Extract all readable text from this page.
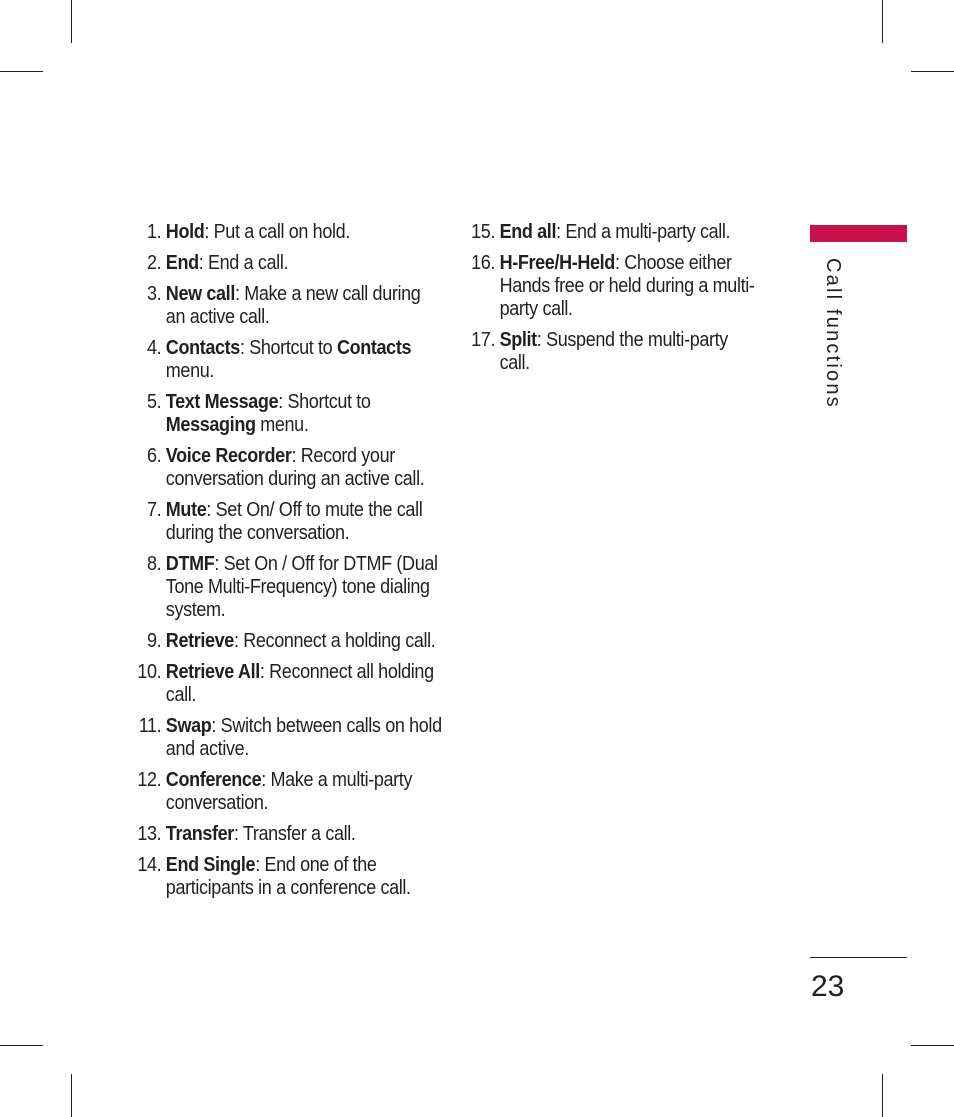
1. Hold: Put a call on hold.
2. End: End a call.
3. New call: Make a new call during an active call.
4. Contacts: Shortcut to Contacts menu.
5. Text Message: Shortcut to Messaging menu.
6. Voice Recorder: Record your conversation during an active call.
7. Mute: Set On/ Off to mute the call during the conversation.
8. DTMF: Set On / Off for DTMF (Dual Tone Multi-Frequency) tone dialing system.
9. Retrieve: Reconnect a holding call.
10. Retrieve All: Reconnect all holding call.
11. Swap: Switch between calls on hold and active.
12. Conference: Make a multi-party conversation.
13. Transfer: Transfer a call.
14. End Single: End one of the participants in a conference call.
15. End all: End a multi-party call.
16. H-Free/H-Held: Choose either Hands free or held during a multi-party call.
17. Split: Suspend the multi-party call.	Call functions
23
